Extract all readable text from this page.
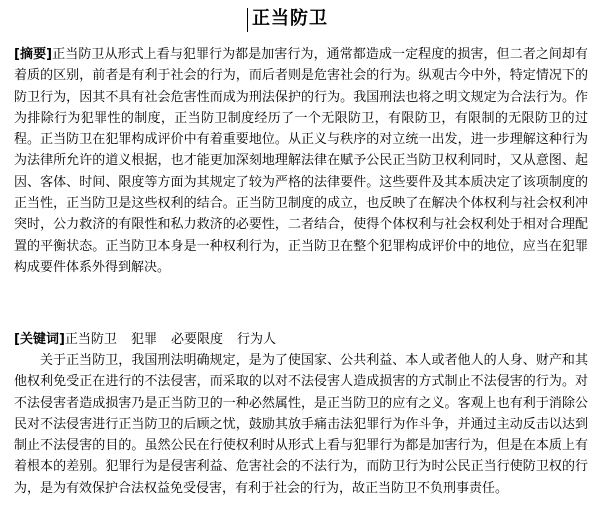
正当防卫

[摘要]正当防卫从形式上看与犯罪行为都是加害行为，通常都造成一定程度的损害，但二者之间却有着质的区别，前者是有利于社会的行为，而后者则是危害社会的行为。纵观古今中外，特定情况下的防卫行为，因其不具有社会危害性而成为刑法保护的行为。我国刑法也将之明文规定为合法行为。作为排除行为犯罪性的制度，正当防卫制度经历了一个无限防卫，有限防卫，有限制的无限防卫的过程。正当防卫在犯罪构成评价中有着重要地位。从正义与秩序的对立统一出发，进一步理解这种行为为法律所允许的道义根据，也才能更加深刻地理解法律在赋予公民正当防卫权利同时，又从意图、起因、客体、时间、限度等方面为其规定了较为严格的法律要件。这些要件及其本质决定了该项制度的正当性，正当防卫是这些权利的结合。正当防卫制度的成立，也反映了在解决个体权利与社会权利冲突时，公力救济的有限性和私力救济的必要性，二者结合，使得个体权利与社会权利处于相对合理配置的平衡状态。正当防卫本身是一种权利行为，正当防卫在整个犯罪构成评价中的地位，应当在犯罪构成要件体系外得到解决。

[关键词]正当防卫 犯罪 必要限度 行为人

关于正当防卫，我国刑法明确规定，是为了使国家、公共利益、本人或者他人的人身、财产和其他权利免受正在进行的不法侵害，而采取的以对不法侵害人造成损害的方式制止不法侵害的行为。对不法侵害者造成损害乃是正当防卫的一种必然属性，是正当防卫的应有之义。客观上也有利于消除公民对不法侵害进行正当防卫的后顾之忧，鼓励其放手痛击法犯罪行为作斗争，并通过主动反击以达到制止不法侵害的目的。虽然公民在行使权利时从形式上看与犯罪行为都是加害行为，但是在本质上有着根本的差别。犯罪行为是侵害利益、危害社会的不法行为，而防卫行为时公民正当行使防卫权的行为，是为有效保护合法权益免受侵害，有利于社会的行为，故正当防卫不负刑事责任。
